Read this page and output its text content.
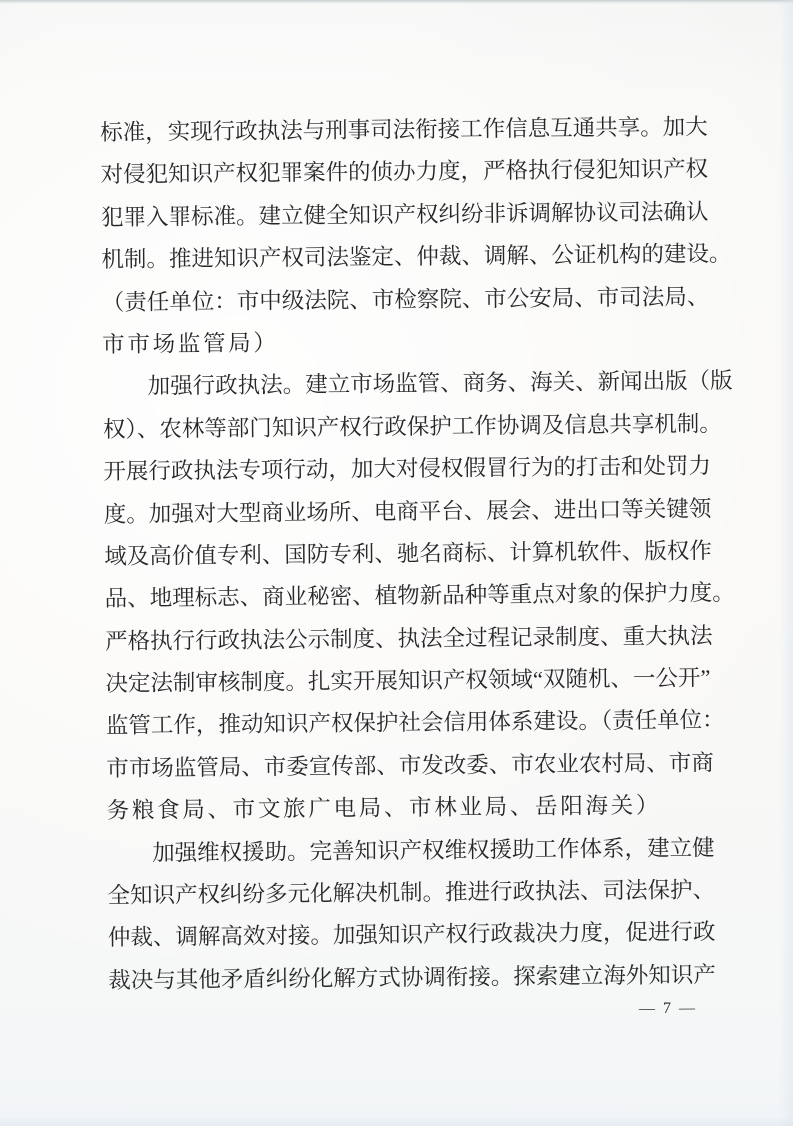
标准，实现行政执法与刑事司法衔接工作信息互通共享。加大
对侵犯知识产权犯罪案件的侦办力度，严格执行侵犯知识产权
犯罪入罪标准。建立健全知识产权纠纷非诉调解协议司法确认
机制。推进知识产权司法鉴定、仲裁、调解、公证机构的建设。
（责任单位：市中级法院、市检察院、市公安局、市司法局、
市市场监管局）
加强行政执法。建立市场监管、商务、海关、新闻出版（版
权）、农林等部门知识产权行政保护工作协调及信息共享机制。
开展行政执法专项行动，加大对侵权假冒行为的打击和处罚力
度。加强对大型商业场所、电商平台、展会、进出口等关键领
域及高价值专利、国防专利、驰名商标、计算机软件、版权作
品、地理标志、商业秘密、植物新品种等重点对象的保护力度。
严格执行行政执法公示制度、执法全过程记录制度、重大执法
决定法制审核制度。扎实开展知识产权领域“双随机、一公开”
监管工作，推动知识产权保护社会信用体系建设。（责任单位：
市市场监管局、市委宣传部、市发改委、市农业农村局、市商
务粮食局、市文旅广电局、市林业局、岳阳海关）
加强维权援助。完善知识产权维权援助工作体系，建立健
全知识产权纠纷多元化解决机制。推进行政执法、司法保护、
仲裁、调解高效对接。加强知识产权行政裁决力度，促进行政
裁决与其他矛盾纠纷化解方式协调衔接。探索建立海外知识产
— 7 —
